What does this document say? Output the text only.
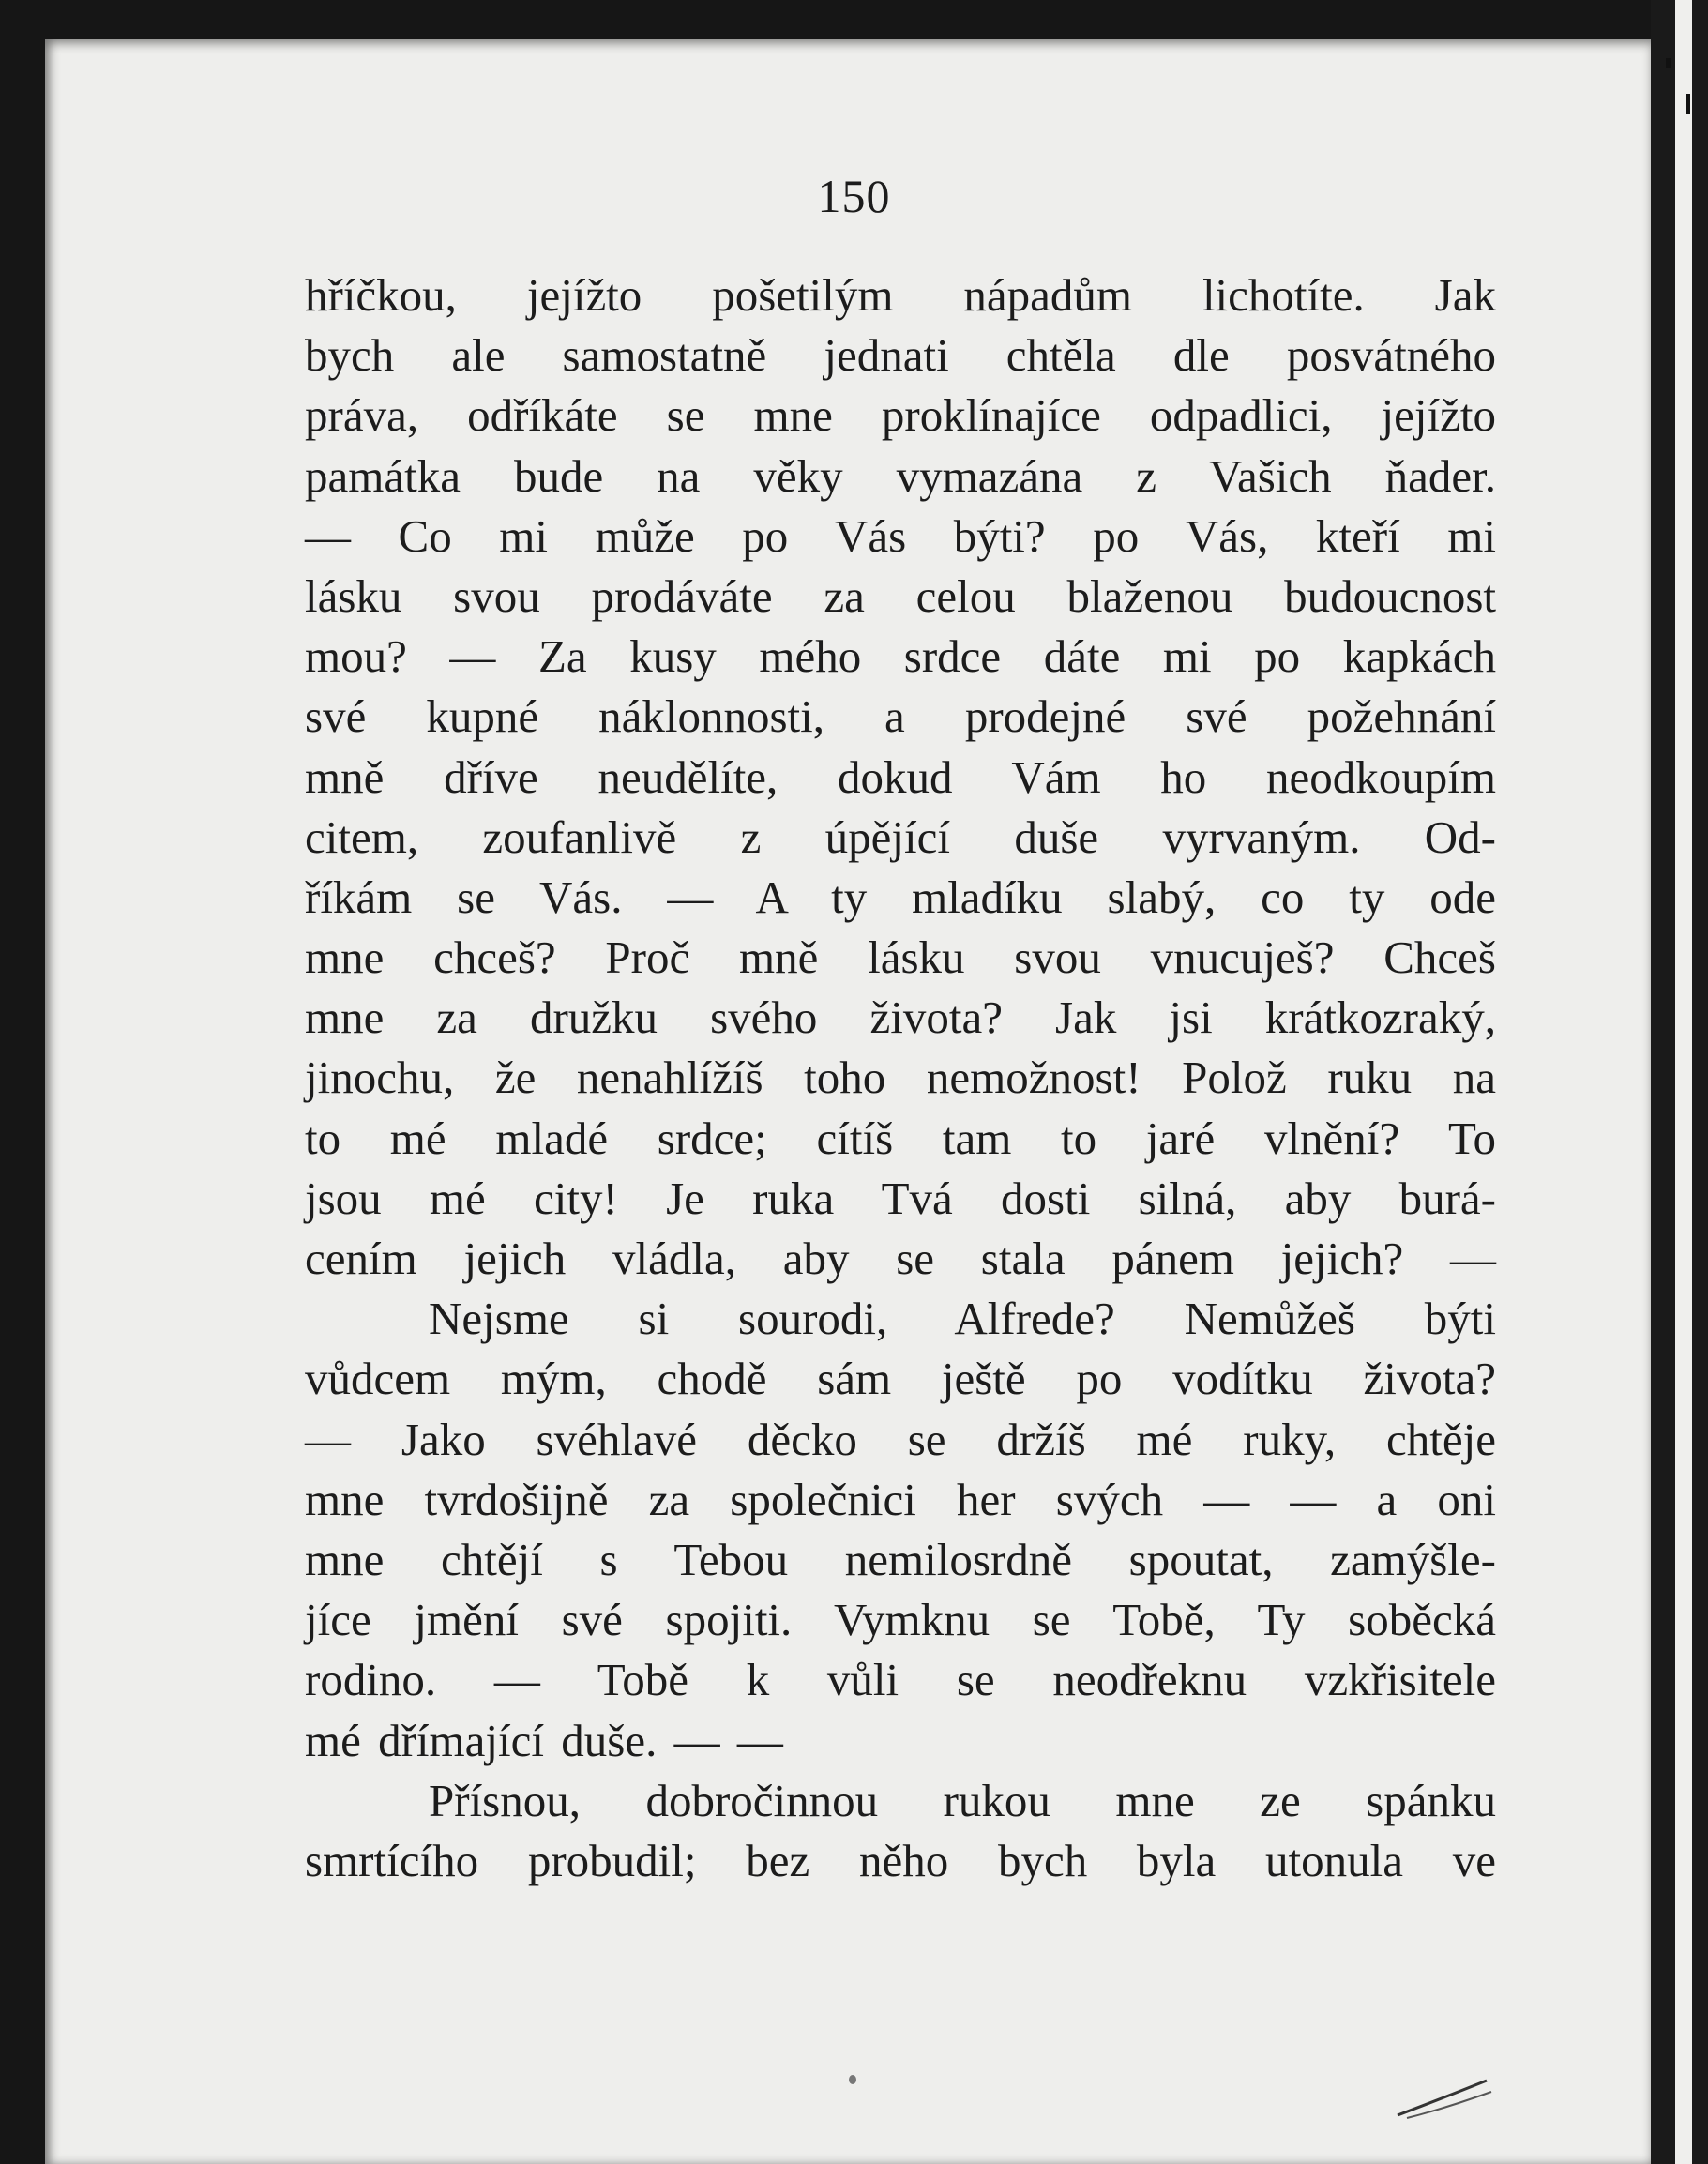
150
hříčkou, jejížto pošetilým nápadům lichotíte. Jak
bych ale samostatně jednati chtěla dle posvátného
práva, odříkáte se mne proklínajíce odpadlici, jejížto
památka bude na věky vymazána z Vašich ňader.
— Co mi může po Vás býti? po Vás, kteří mi
lásku svou prodáváte za celou blaženou budoucnost
mou? — Za kusy mého srdce dáte mi po kapkách
své kupné náklonnosti, a prodejné své požehnání
mně dříve neudělíte, dokud Vám ho neodkoupím
citem, zoufanlivě z úpějící duše vyrvaným. Od-
říkám se Vás. — A ty mladíku slabý, co ty ode
mne chceš? Proč mně lásku svou vnucuješ? Chceš
mne za družku svého života? Jak jsi krátkozraký,
jinochu, že nenahlížíš toho nemožnost! Polož ruku na
to mé mladé srdce; cítíš tam to jaré vlnění? To
jsou mé city! Je ruka Tvá dosti silná, aby burá-
cením jejich vládla, aby se stala pánem jejich? —
Nejsme si sourodi, Alfrede? Nemůžeš býti
vůdcem mým, chodě sám ještě po vodítku života?
— Jako svéhlavé děcko se držíš mé ruky, chtěje
mne tvrdošijně za společnici her svých — — a oni
mne chtějí s Tebou nemilosrdně spoutat, zamýšle-
jíce jmění své spojiti. Vymknu se Tobě, Ty soběcká
rodino. — Tobě k vůli se neodřeknu vzkřisitele
mé dřímající duše. — —
Přísnou, dobročinnou rukou mne ze spánku
smrtícího probudil; bez něho bych byla utonula ve
